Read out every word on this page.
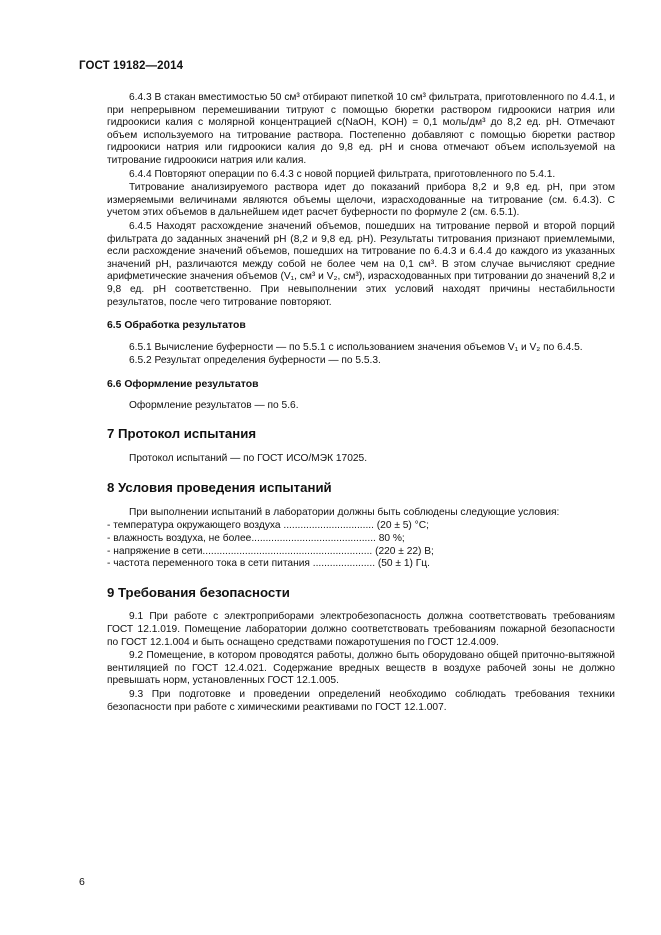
ГОСТ 19182—2014

6.4.3 В стакан вместимостью 50 см³ отбирают пипеткой 10 см³ фильтрата, приготовленного по 4.4.1, и при непрерывном перемешивании титруют с помощью бюретки раствором гидроокиси натрия или гидроокиси калия с молярной концентрацией c(NaOH, KOH) = 0,1 моль/дм³ до 8,2 ед. pH. Отмечают объем используемого на титрование раствора. Постепенно добавляют с помощью бюретки раствор гидроокиси натрия или гидроокиси калия до 9,8 ед. pH и снова отмечают объем используемой на титрование гидроокиси натрия или калия.

6.4.4 Повторяют операции по 6.4.3 с новой порцией фильтрата, приготовленного по 5.4.1.

Титрование анализируемого раствора идет до показаний прибора 8,2 и 9,8 ед. pH, при этом измеряемыми величинами являются объемы щелочи, израсходованные на титрование (см. 6.4.3). С учетом этих объемов в дальнейшем идет расчет буферности по формуле 2 (см. 6.5.1).

6.4.5 Находят расхождение значений объемов, пошедших на титрование первой и второй порций фильтрата до заданных значений pH (8,2 и 9,8 ед. pH). Результаты титрования признают приемлемыми, если расхождение значений объемов, пошедших на титрование по 6.4.3 и 6.4.4 до каждого из указанных значений pH, различаются между собой не более чем на 0,1 см³. В этом случае вычисляют средние арифметические значения объемов (V₁, см³ и V₂, см³), израсходованных при титровании до значений 8,2 и 9,8 ед. pH соответственно. При невыполнении этих условий находят причины нестабильности результатов, после чего титрование повторяют.

6.5 Обработка результатов

6.5.1 Вычисление буферности — по 5.5.1 с использованием значения объемов V₁ и V₂ по 6.4.5.

6.5.2 Результат определения буферности — по 5.5.3.

6.6 Оформление результатов

Оформление результатов — по 5.6.

7 Протокол испытания

Протокол испытаний — по ГОСТ ИСО/МЭК 17025.

8 Условия проведения испытаний

При выполнении испытаний в лаборатории должны быть соблюдены следующие условия:

- температура окружающего воздуха ................................ (20 ± 5) °C;
- влажность воздуха, не более............................................ 80 %;
- напряжение в сети............................................................ (220 ± 22) В;
- частота переменного тока в сети питания ...................... (50 ± 1) Гц.
9 Требования безопасности

9.1 При работе с электроприборами электробезопасность должна соответствовать требованиям ГОСТ 12.1.019. Помещение лаборатории должно соответствовать требованиям пожарной безопасности по ГОСТ 12.1.004 и быть оснащено средствами пожаротушения по ГОСТ 12.4.009.

9.2 Помещение, в котором проводятся работы, должно быть оборудовано общей приточно-вытяжной вентиляцией по ГОСТ 12.4.021. Содержание вредных веществ в воздухе рабочей зоны не должно превышать норм, установленных ГОСТ 12.1.005.

9.3 При подготовке и проведении определений необходимо соблюдать требования техники безопасности при работе с химическими реактивами по ГОСТ 12.1.007.

6
